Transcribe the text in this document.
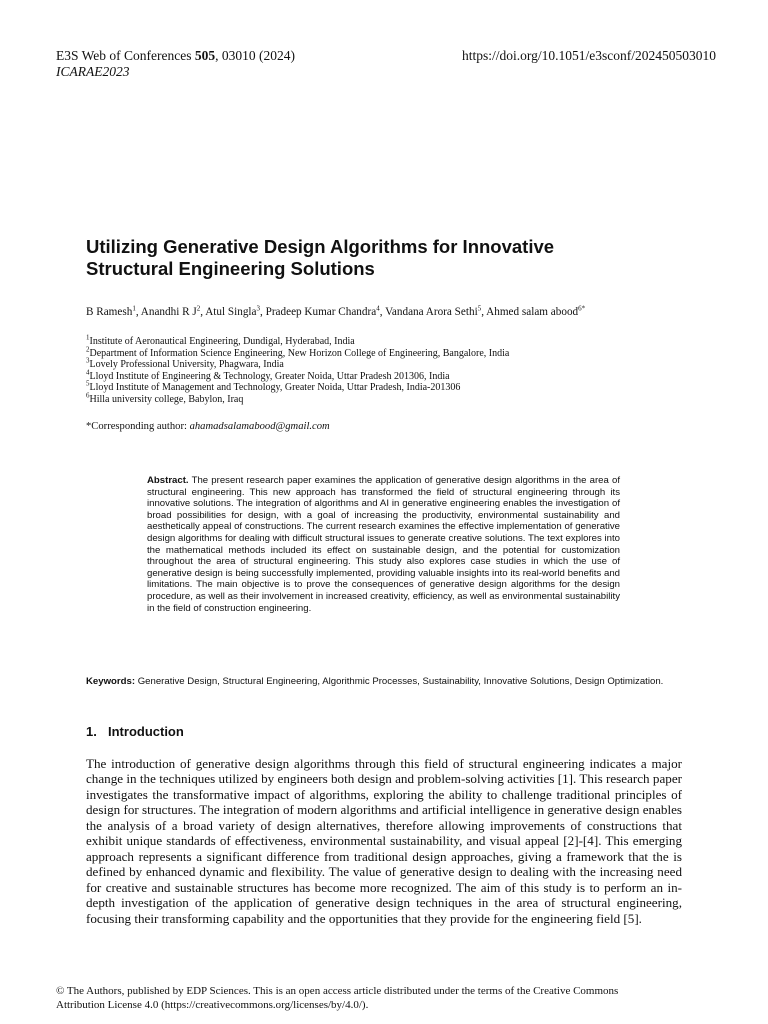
E3S Web of Conferences 505, 03010 (2024)
ICARAE2023
https://doi.org/10.1051/e3sconf/202450503010
Utilizing Generative Design Algorithms for Innovative
Structural Engineering Solutions
B Ramesh$^1$, Anandhi R $J^2$, Atul Singla$^3$, Pradeep Kumar Chandra$^4$, Vandana Arora Sethi$^5$, Ahmed salam abood$^{6*}$
$^1$Institute of Aeronautical Engineering, Dundigal, Hyderabad, India
$^2$Department of Information Science Engineering, New Horizon College of Engineering, Bangalore, India
$^3$Lovely Professional University, Phagwara, India
$^4$Lloyd Institute of Engineering & Technology, Greater Noida, Uttar Pradesh 201306, India
$^5$Lloyd Institute of Management and Technology, Greater Noida, Uttar Pradesh, India-201306
$^6$Hilla university college, Babylon, Iraq
*Corresponding author: ahamadsalamabood@gmail.com
Abstract. The present research paper examines the application of generative design algorithms in the area of structural engineering. This new approach has transformed the field of structural engineering through its innovative solutions. The integration of algorithms and AI in generative engineering enables the investigation of broad possibilities for design, with a goal of increasing the productivity, environmental sustainability and aesthetically appeal of constructions. The current research examines the effective implementation of generative design algorithms for dealing with difficult structural issues to generate creative solutions. The text explores into the mathematical methods included its effect on sustainable design, and the potential for customization throughout the area of structural engineering. This study also explores case studies in which the use of generative design is being successfully implemented, providing valuable insights into its real-world benefits and limitations. The main objective is to prove the consequences of generative design algorithms for the design procedure, as well as their involvement in increased creativity, efficiency, as well as environmental sustainability in the field of construction engineering.
Keywords: Generative Design, Structural Engineering, Algorithmic Processes, Sustainability, Innovative Solutions, Design Optimization.
1. Introduction
The introduction of generative design algorithms through this field of structural engineering indicates a major change in the techniques utilized by engineers both design and problem-solving activities [1]. This research paper investigates the transformative impact of algorithms, exploring the ability to challenge traditional principles of design for structures. The integration of modern algorithms and artificial intelligence in generative design enables the analysis of a broad variety of design alternatives, therefore allowing improvements of constructions that exhibit unique standards of effectiveness, environmental sustainability, and visual appeal [2]-[4]. This emerging approach represents a significant difference from traditional design approaches, giving a framework that the is defined by enhanced dynamic and flexibility. The value of generative design to dealing with the increasing need for creative and sustainable structures has become more recognized. The aim of this study is to perform an in-depth investigation of the application of generative design techniques in the area of structural engineering, focusing their transforming capability and the opportunities that they provide for the engineering field [5].
© The Authors, published by EDP Sciences. This is an open access article distributed under the terms of the Creative Commons
Attribution License 4.0 (https://creativecommons.org/licenses/by/4.0/).
